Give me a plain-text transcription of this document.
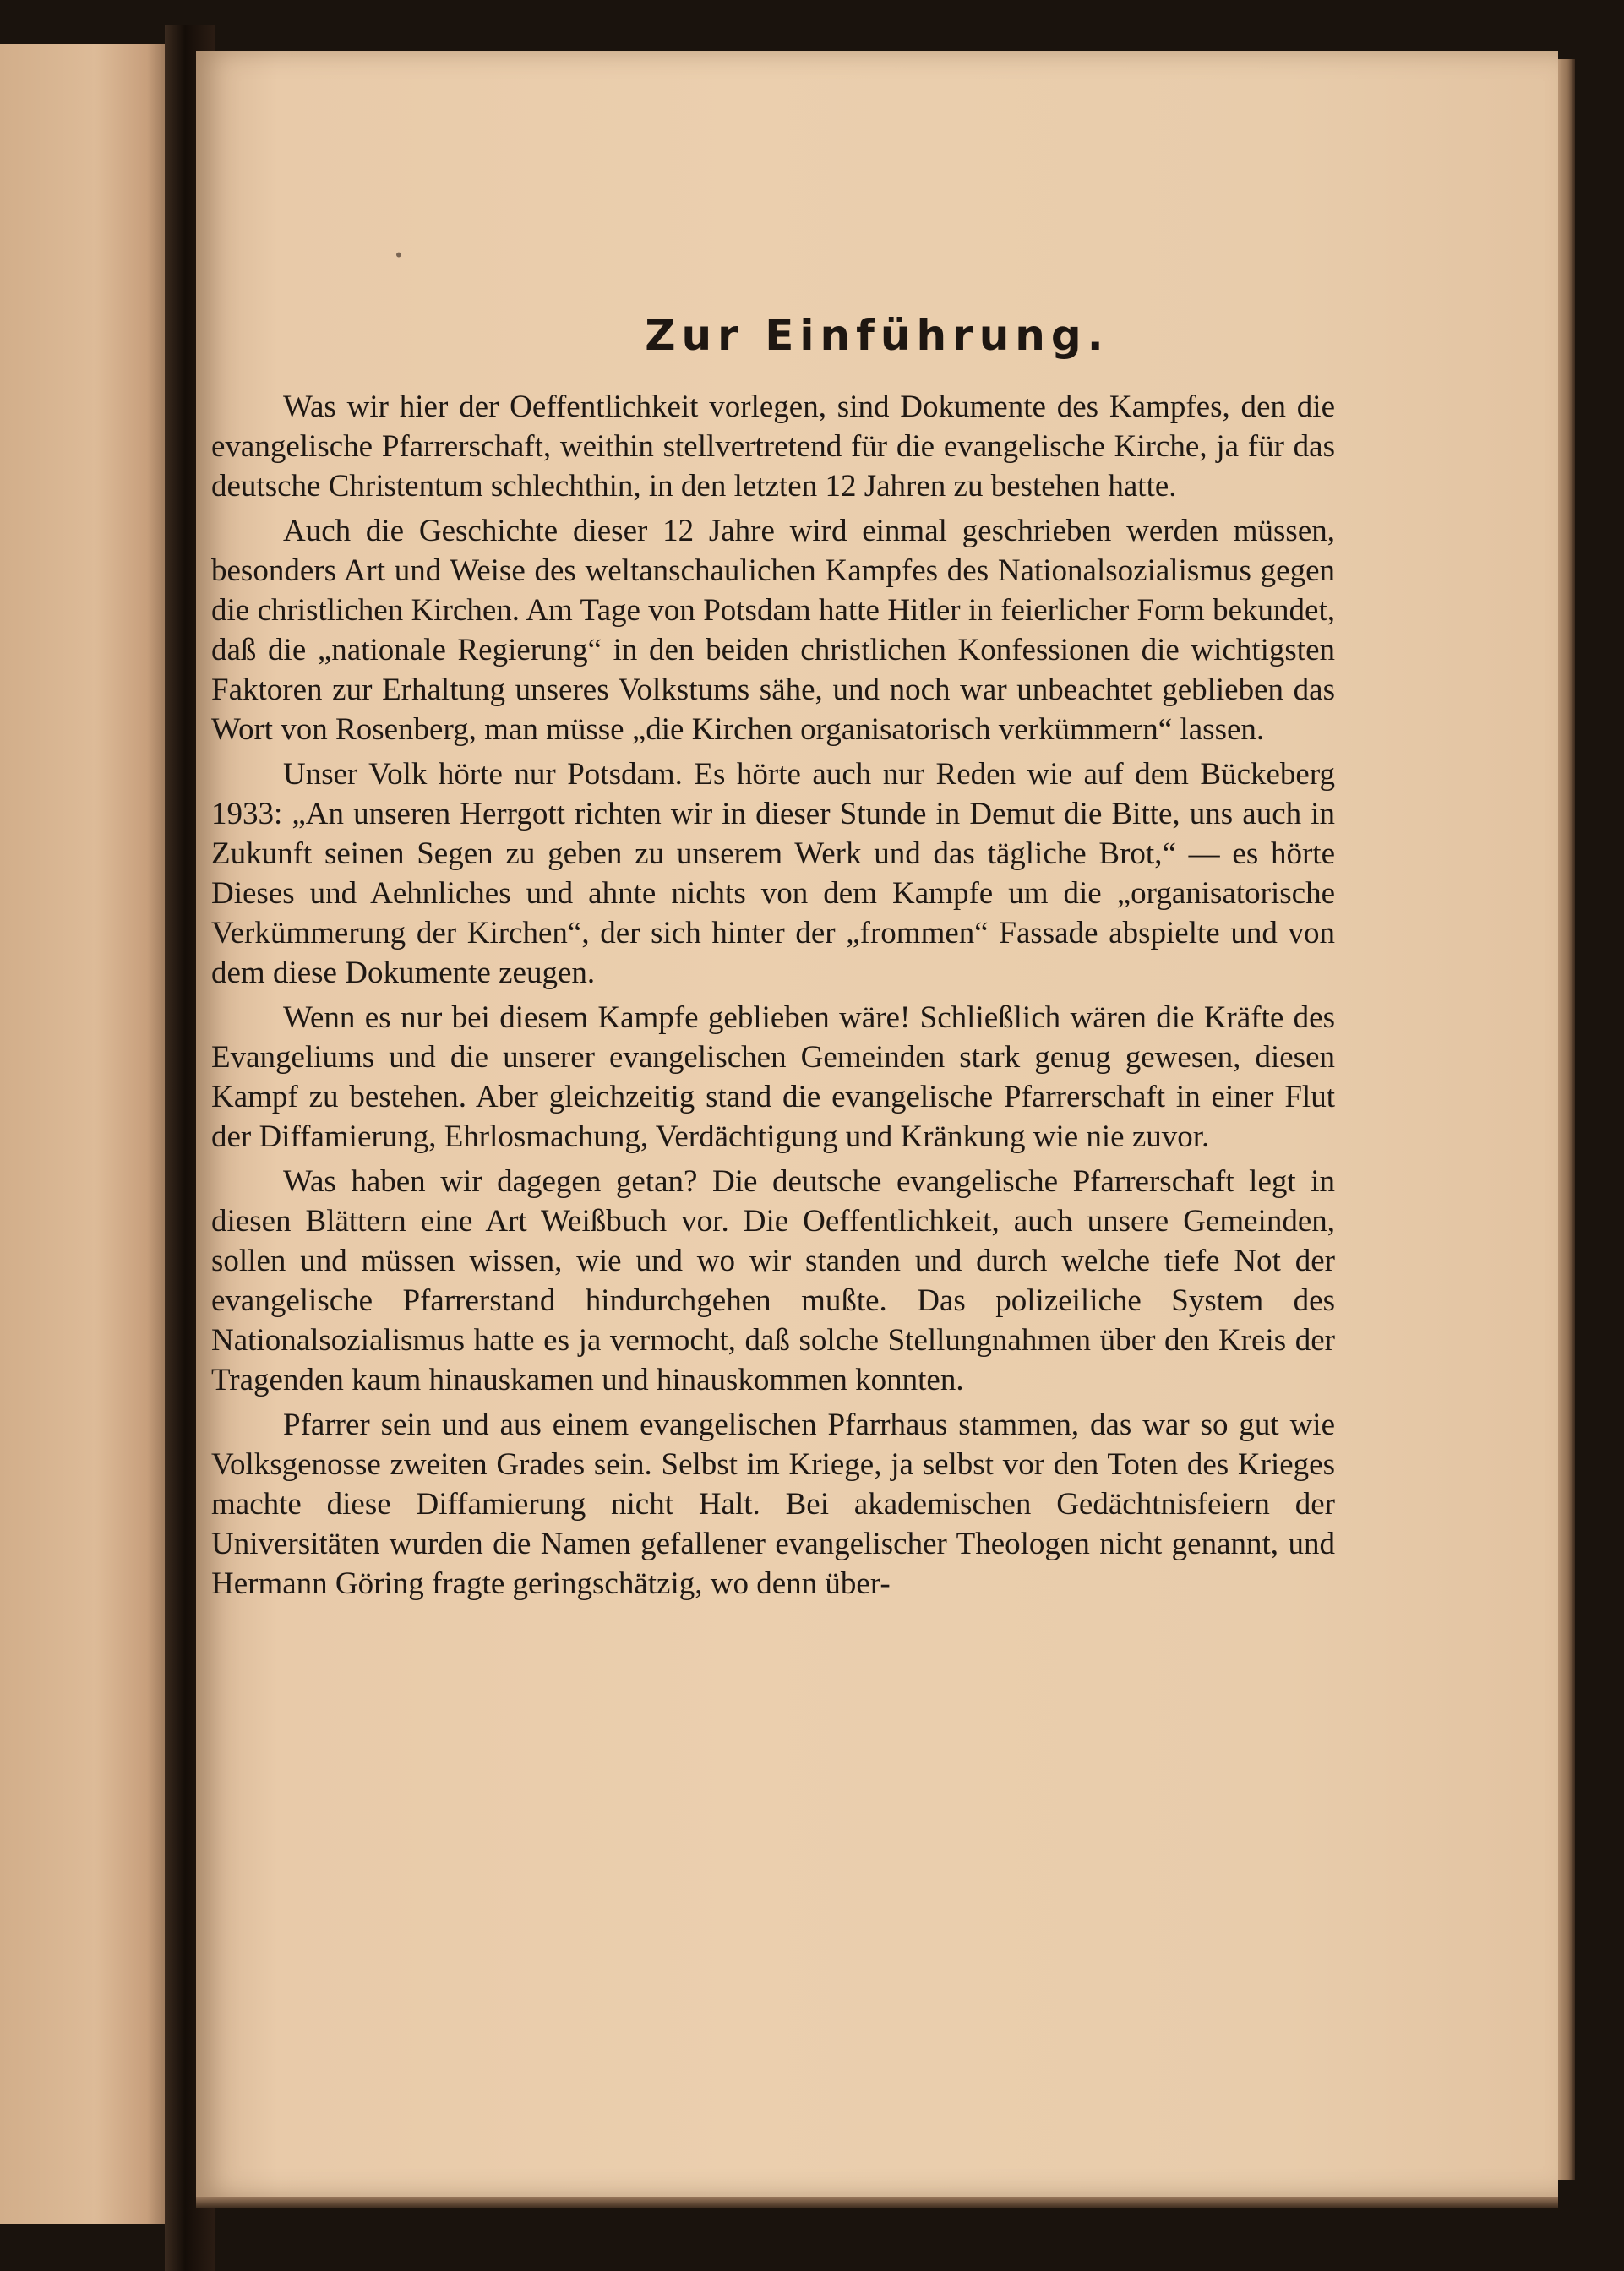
•
Zur Einführung.

Was wir hier der Oeffentlichkeit vorlegen, sind Dokumente des Kampfes, den die evangelische Pfarrerschaft, weithin stellvertretend für die evangelische Kirche, ja für das deutsche Christentum schlechthin, in den letzten 12 Jahren zu bestehen hatte.

Auch die Geschichte dieser 12 Jahre wird einmal geschrieben werden müssen, besonders Art und Weise des weltanschaulichen Kampfes des Nationalsozialismus gegen die christlichen Kirchen. Am Tage von Potsdam hatte Hitler in feierlicher Form bekundet, daß die „nationale Regierung“ in den beiden christlichen Konfessionen die wichtigsten Faktoren zur Erhaltung unseres Volkstums sähe, und noch war unbeachtet geblieben das Wort von Rosenberg, man müsse „die Kirchen organisatorisch verkümmern“ lassen.

Unser Volk hörte nur Potsdam. Es hörte auch nur Reden wie auf dem Bückeberg 1933: „An unseren Herrgott richten wir in dieser Stunde in Demut die Bitte, uns auch in Zukunft seinen Segen zu geben zu unserem Werk und das tägliche Brot,“ — es hörte Dieses und Aehnliches und ahnte nichts von dem Kampfe um die „organisatorische Verkümmerung der Kirchen“, der sich hinter der „frommen“ Fassade abspielte und von dem diese Dokumente zeugen.

Wenn es nur bei diesem Kampfe geblieben wäre! Schließlich wären die Kräfte des Evangeliums und die unserer evangelischen Gemeinden stark genug gewesen, diesen Kampf zu bestehen. Aber gleichzeitig stand die evangelische Pfarrerschaft in einer Flut der Diffamierung, Ehrlosmachung, Verdächtigung und Kränkung wie nie zuvor.

Was haben wir dagegen getan? Die deutsche evangelische Pfarrerschaft legt in diesen Blättern eine Art Weißbuch vor. Die Oeffentlichkeit, auch unsere Gemeinden, sollen und müssen wissen, wie und wo wir standen und durch welche tiefe Not der evangelische Pfarrerstand hindurchgehen mußte. Das polizeiliche System des Nationalsozialismus hatte es ja vermocht, daß solche Stellungnahmen über den Kreis der Tragenden kaum hinauskamen und hinauskommen konnten.

Pfarrer sein und aus einem evangelischen Pfarrhaus stammen, das war so gut wie Volksgenosse zweiten Grades sein. Selbst im Kriege, ja selbst vor den Toten des Krieges machte diese Diffamierung nicht Halt. Bei akademischen Gedächtnisfeiern der Universitäten wurden die Namen gefallener evangelischer Theologen nicht genannt, und Hermann Göring fragte geringschätzig, wo denn über-
